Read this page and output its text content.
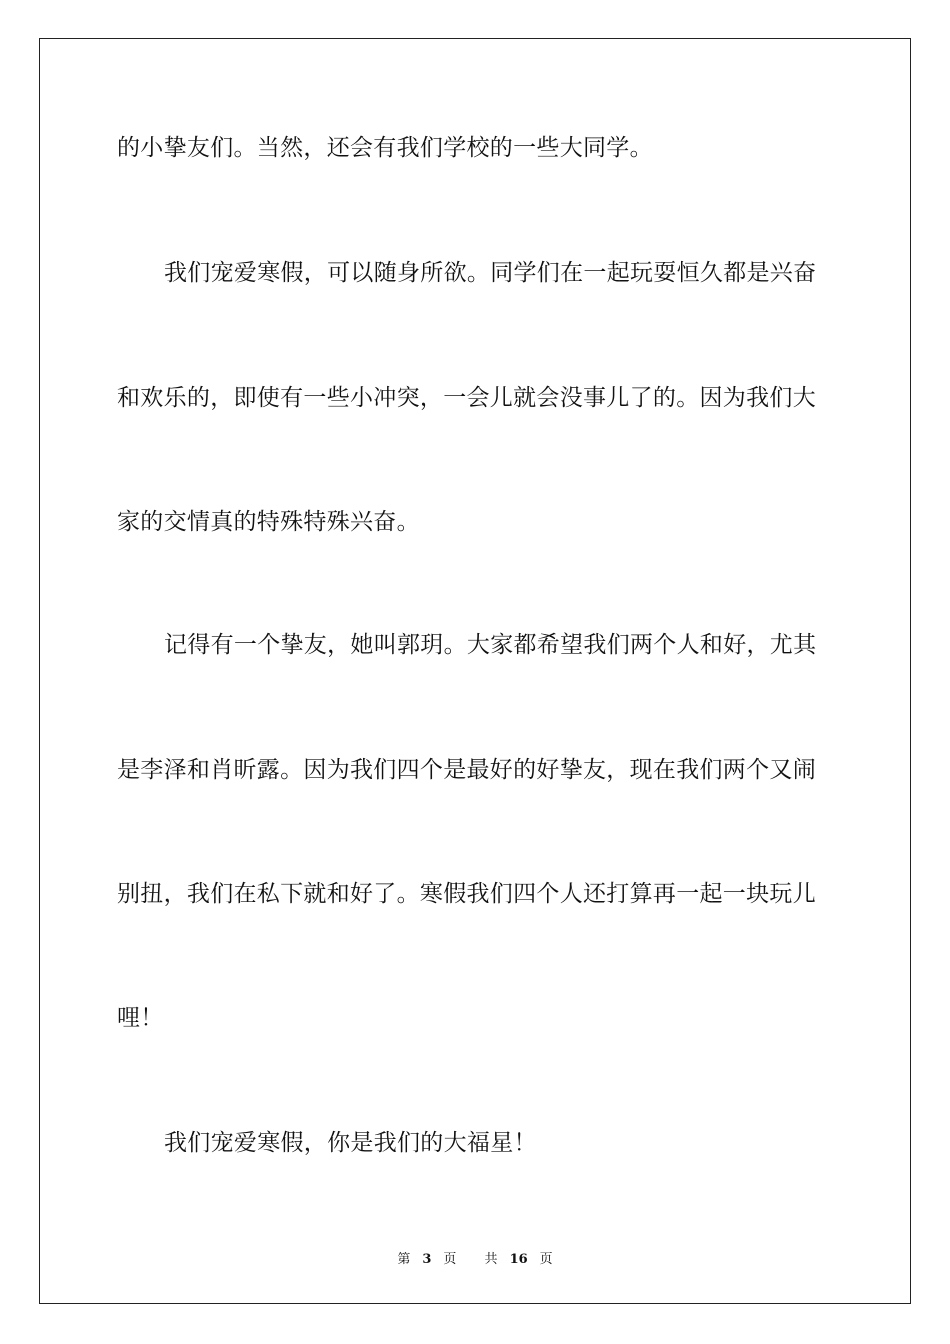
的小挚友们。当然，还会有我们学校的一些大同学。
我们宠爱寒假，可以随身所欲。同学们在一起玩耍恒久都是兴奋
和欢乐的，即使有一些小冲突，一会儿就会没事儿了的。因为我们大
家的交情真的特殊特殊兴奋。
记得有一个挚友，她叫郭玥。大家都希望我们两个人和好，尤其
是李泽和肖昕露。因为我们四个是最好的好挚友，现在我们两个又闹
别扭，我们在私下就和好了。寒假我们四个人还打算再一起一块玩儿
哩！
我们宠爱寒假，你是我们的大福星！
第 3 页 共 16 页
